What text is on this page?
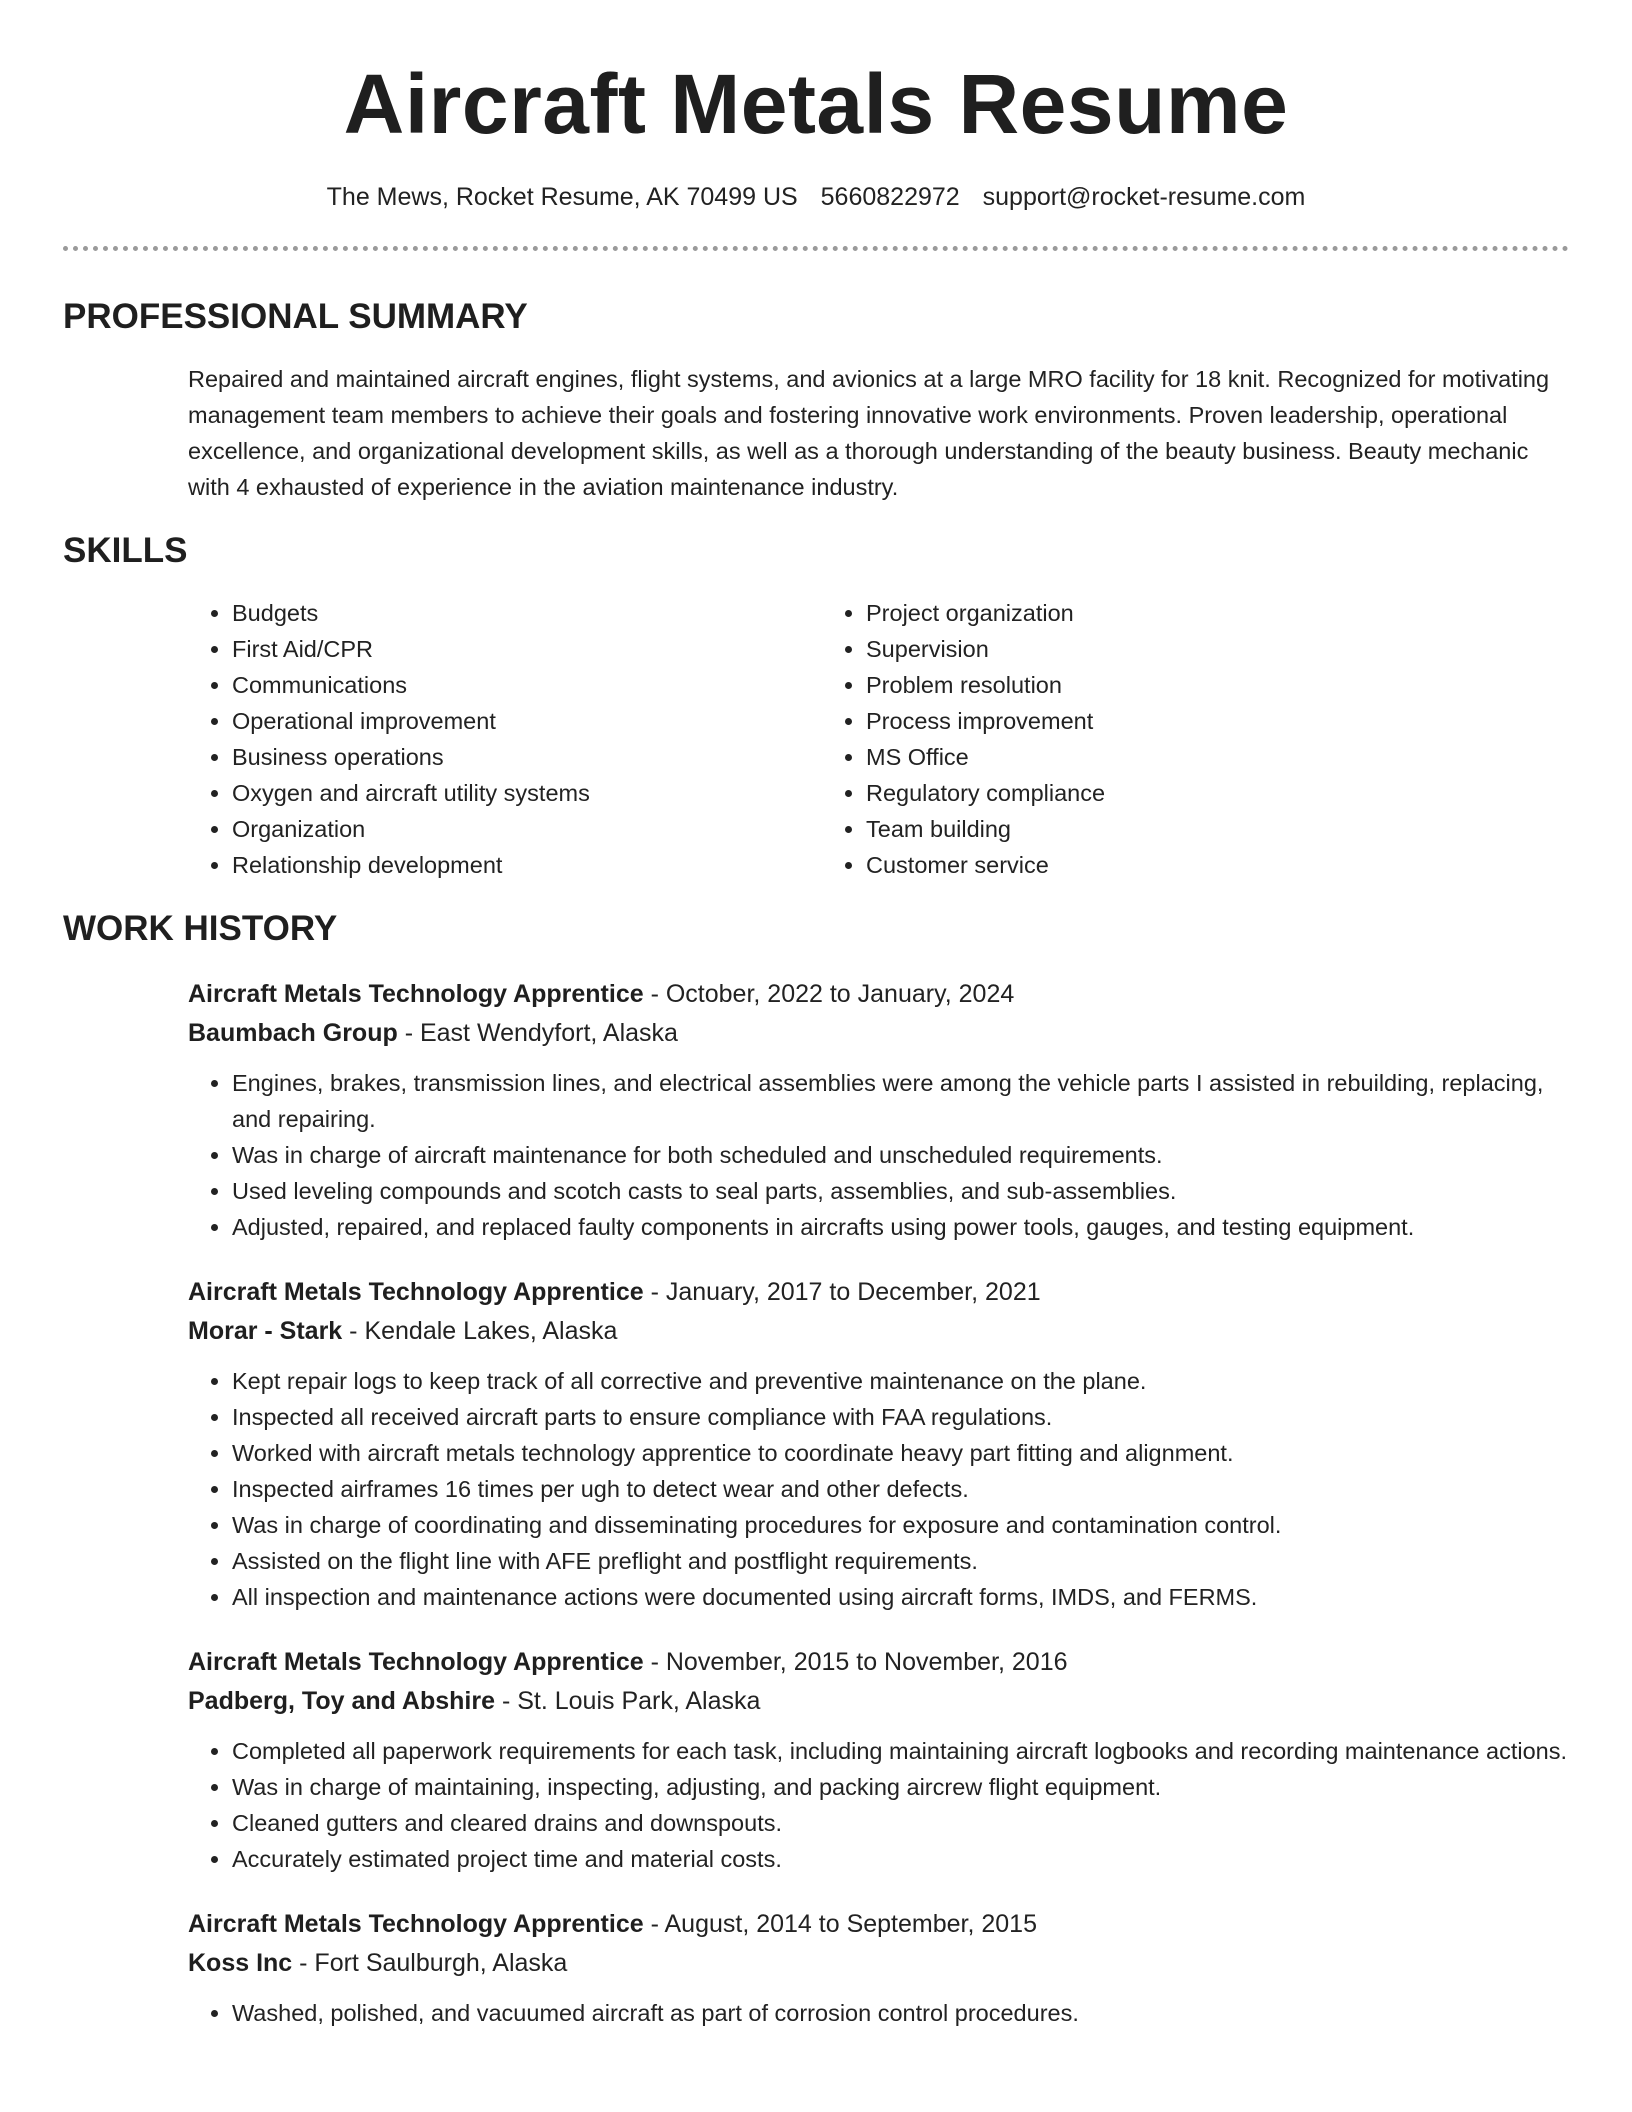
Aircraft Metals Resume
The Mews, Rocket Resume, AK 70499 US 5660822972 support@rocket-resume.com
PROFESSIONAL SUMMARY

Repaired and maintained aircraft engines, flight systems, and avionics at a large MRO facility for 18 knit. Recognized for motivating management team members to achieve their goals and fostering innovative work environments. Proven leadership, operational excellence, and organizational development skills, as well as a thorough understanding of the beauty business. Beauty mechanic with 4 exhausted of experience in the aviation maintenance industry.

SKILLS
• Budgets
• First Aid/CPR
• Communications
• Operational improvement
• Business operations
• Oxygen and aircraft utility systems
• Organization
• Relationship development
• Project organization
• Supervision
• Problem resolution
• Process improvement
• MS Office
• Regulatory compliance
• Team building
• Customer service
WORK HISTORY
Aircraft Metals Technology Apprentice - October, 2022 to January, 2024
Baumbach Group - East Wendyfort, Alaska
• Engines, brakes, transmission lines, and electrical assemblies were among the vehicle parts I assisted in rebuilding, replacing, and repairing.
• Was in charge of aircraft maintenance for both scheduled and unscheduled requirements.
• Used leveling compounds and scotch casts to seal parts, assemblies, and sub-assemblies.
• Adjusted, repaired, and replaced faulty components in aircrafts using power tools, gauges, and testing equipment.
Aircraft Metals Technology Apprentice - January, 2017 to December, 2021
Morar - Stark - Kendale Lakes, Alaska
• Kept repair logs to keep track of all corrective and preventive maintenance on the plane.
• Inspected all received aircraft parts to ensure compliance with FAA regulations.
• Worked with aircraft metals technology apprentice to coordinate heavy part fitting and alignment.
• Inspected airframes 16 times per ugh to detect wear and other defects.
• Was in charge of coordinating and disseminating procedures for exposure and contamination control.
• Assisted on the flight line with AFE preflight and postflight requirements.
• All inspection and maintenance actions were documented using aircraft forms, IMDS, and FERMS.
Aircraft Metals Technology Apprentice - November, 2015 to November, 2016
Padberg, Toy and Abshire - St. Louis Park, Alaska
• Completed all paperwork requirements for each task, including maintaining aircraft logbooks and recording maintenance actions.
• Was in charge of maintaining, inspecting, adjusting, and packing aircrew flight equipment.
• Cleaned gutters and cleared drains and downspouts.
• Accurately estimated project time and material costs.
Aircraft Metals Technology Apprentice - August, 2014 to September, 2015
Koss Inc - Fort Saulburgh, Alaska
• Washed, polished, and vacuumed aircraft as part of corrosion control procedures.
